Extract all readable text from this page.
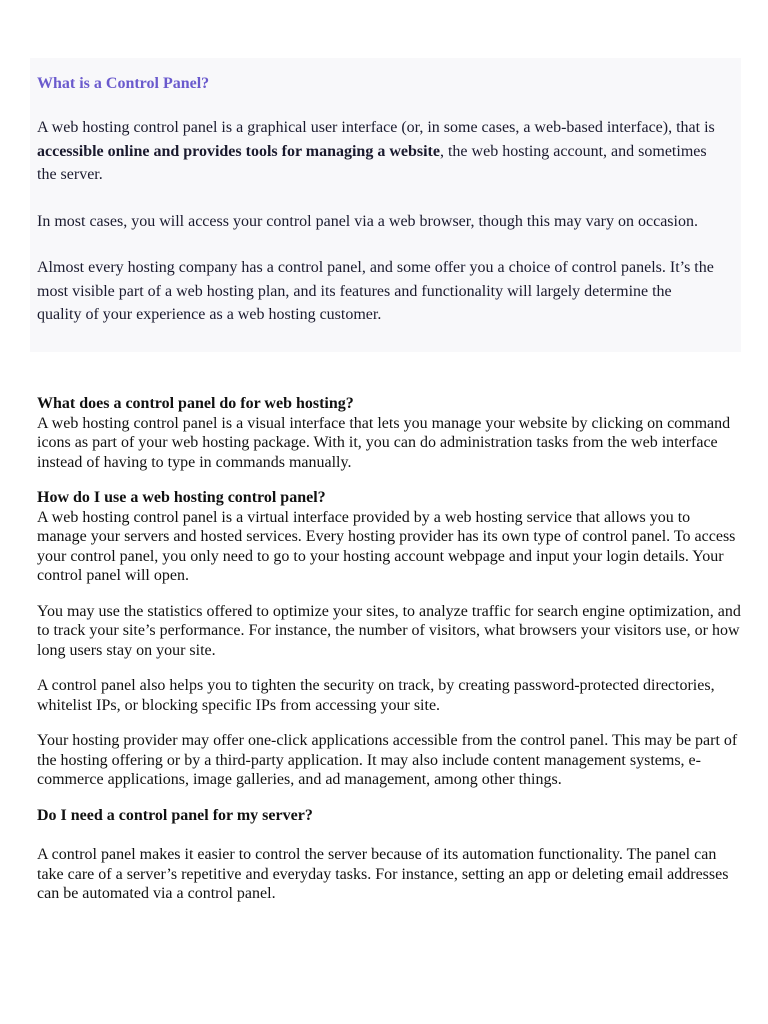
What is a Control Panel?

A web hosting control panel is a graphical user interface (or, in some cases, a web-based interface), that is accessible online and provides tools for managing a website, the web hosting account, and sometimes the server.

In most cases, you will access your control panel via a web browser, though this may vary on occasion.

Almost every hosting company has a control panel, and some offer you a choice of control panels. It’s the most visible part of a web hosting plan, and its features and functionality will largely determine the quality of your experience as a web hosting customer.

What does a control panel do for web hosting?

A web hosting control panel is a visual interface that lets you manage your website by clicking on command icons as part of your web hosting package. With it, you can do administration tasks from the web interface instead of having to type in commands manually.

How do I use a web hosting control panel?

A web hosting control panel is a virtual interface provided by a web hosting service that allows you to manage your servers and hosted services. Every hosting provider has its own type of control panel. To access your control panel, you only need to go to your hosting account webpage and input your login details. Your control panel will open.

You may use the statistics offered to optimize your sites, to analyze traffic for search engine optimization, and to track your site’s performance. For instance, the number of visitors, what browsers your visitors use, or how long users stay on your site.

A control panel also helps you to tighten the security on track, by creating password-protected directories, whitelist IPs, or blocking specific IPs from accessing your site.

Your hosting provider may offer one-click applications accessible from the control panel. This may be part of the hosting offering or by a third-party application. It may also include content management systems, e-commerce applications, image galleries, and ad management, among other things.

Do I need a control panel for my server?

A control panel makes it easier to control the server because of its automation functionality. The panel can take care of a server’s repetitive and everyday tasks. For instance, setting an app or deleting email addresses can be automated via a control panel.
